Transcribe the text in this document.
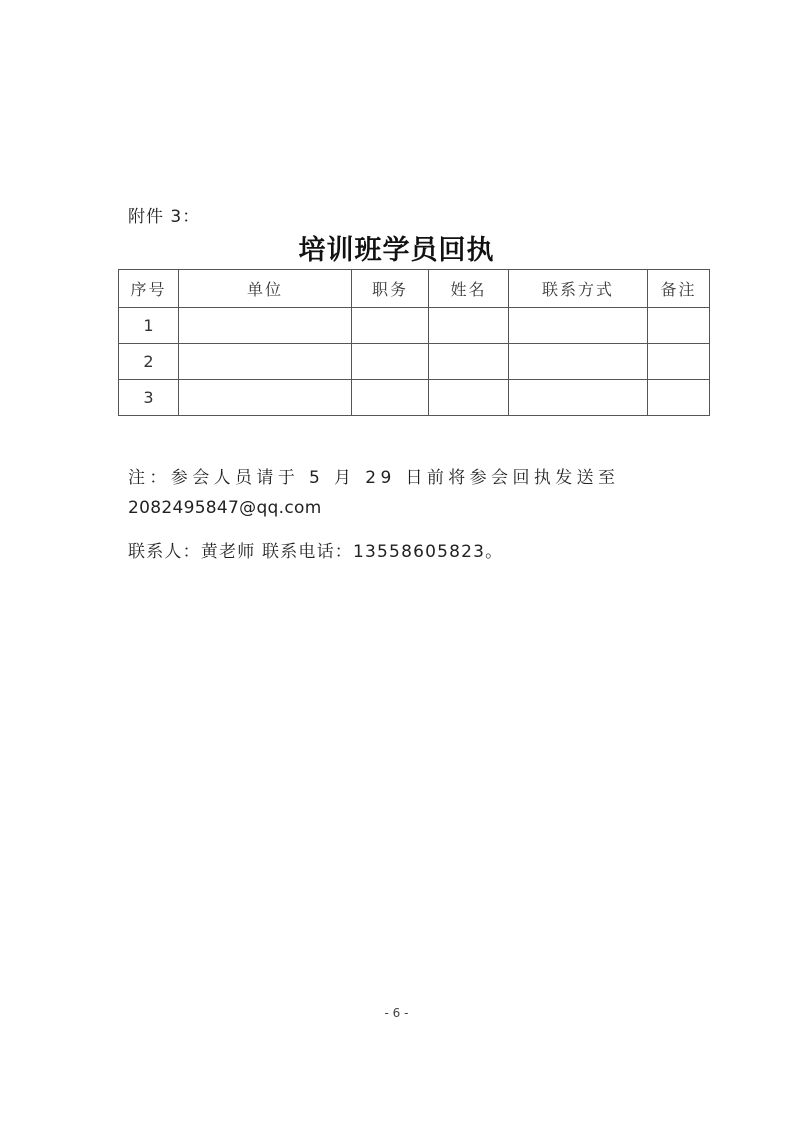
附件 3：
培训班学员回执
序号	单位	职务	姓名	联系方式	备注
1					
2					
3					
注：参会人员请于 5 月 29 日前将参会回执发送至
2082495847@qq.com
联系人：黄老师 联系电话：13558605823。
- 6 -
